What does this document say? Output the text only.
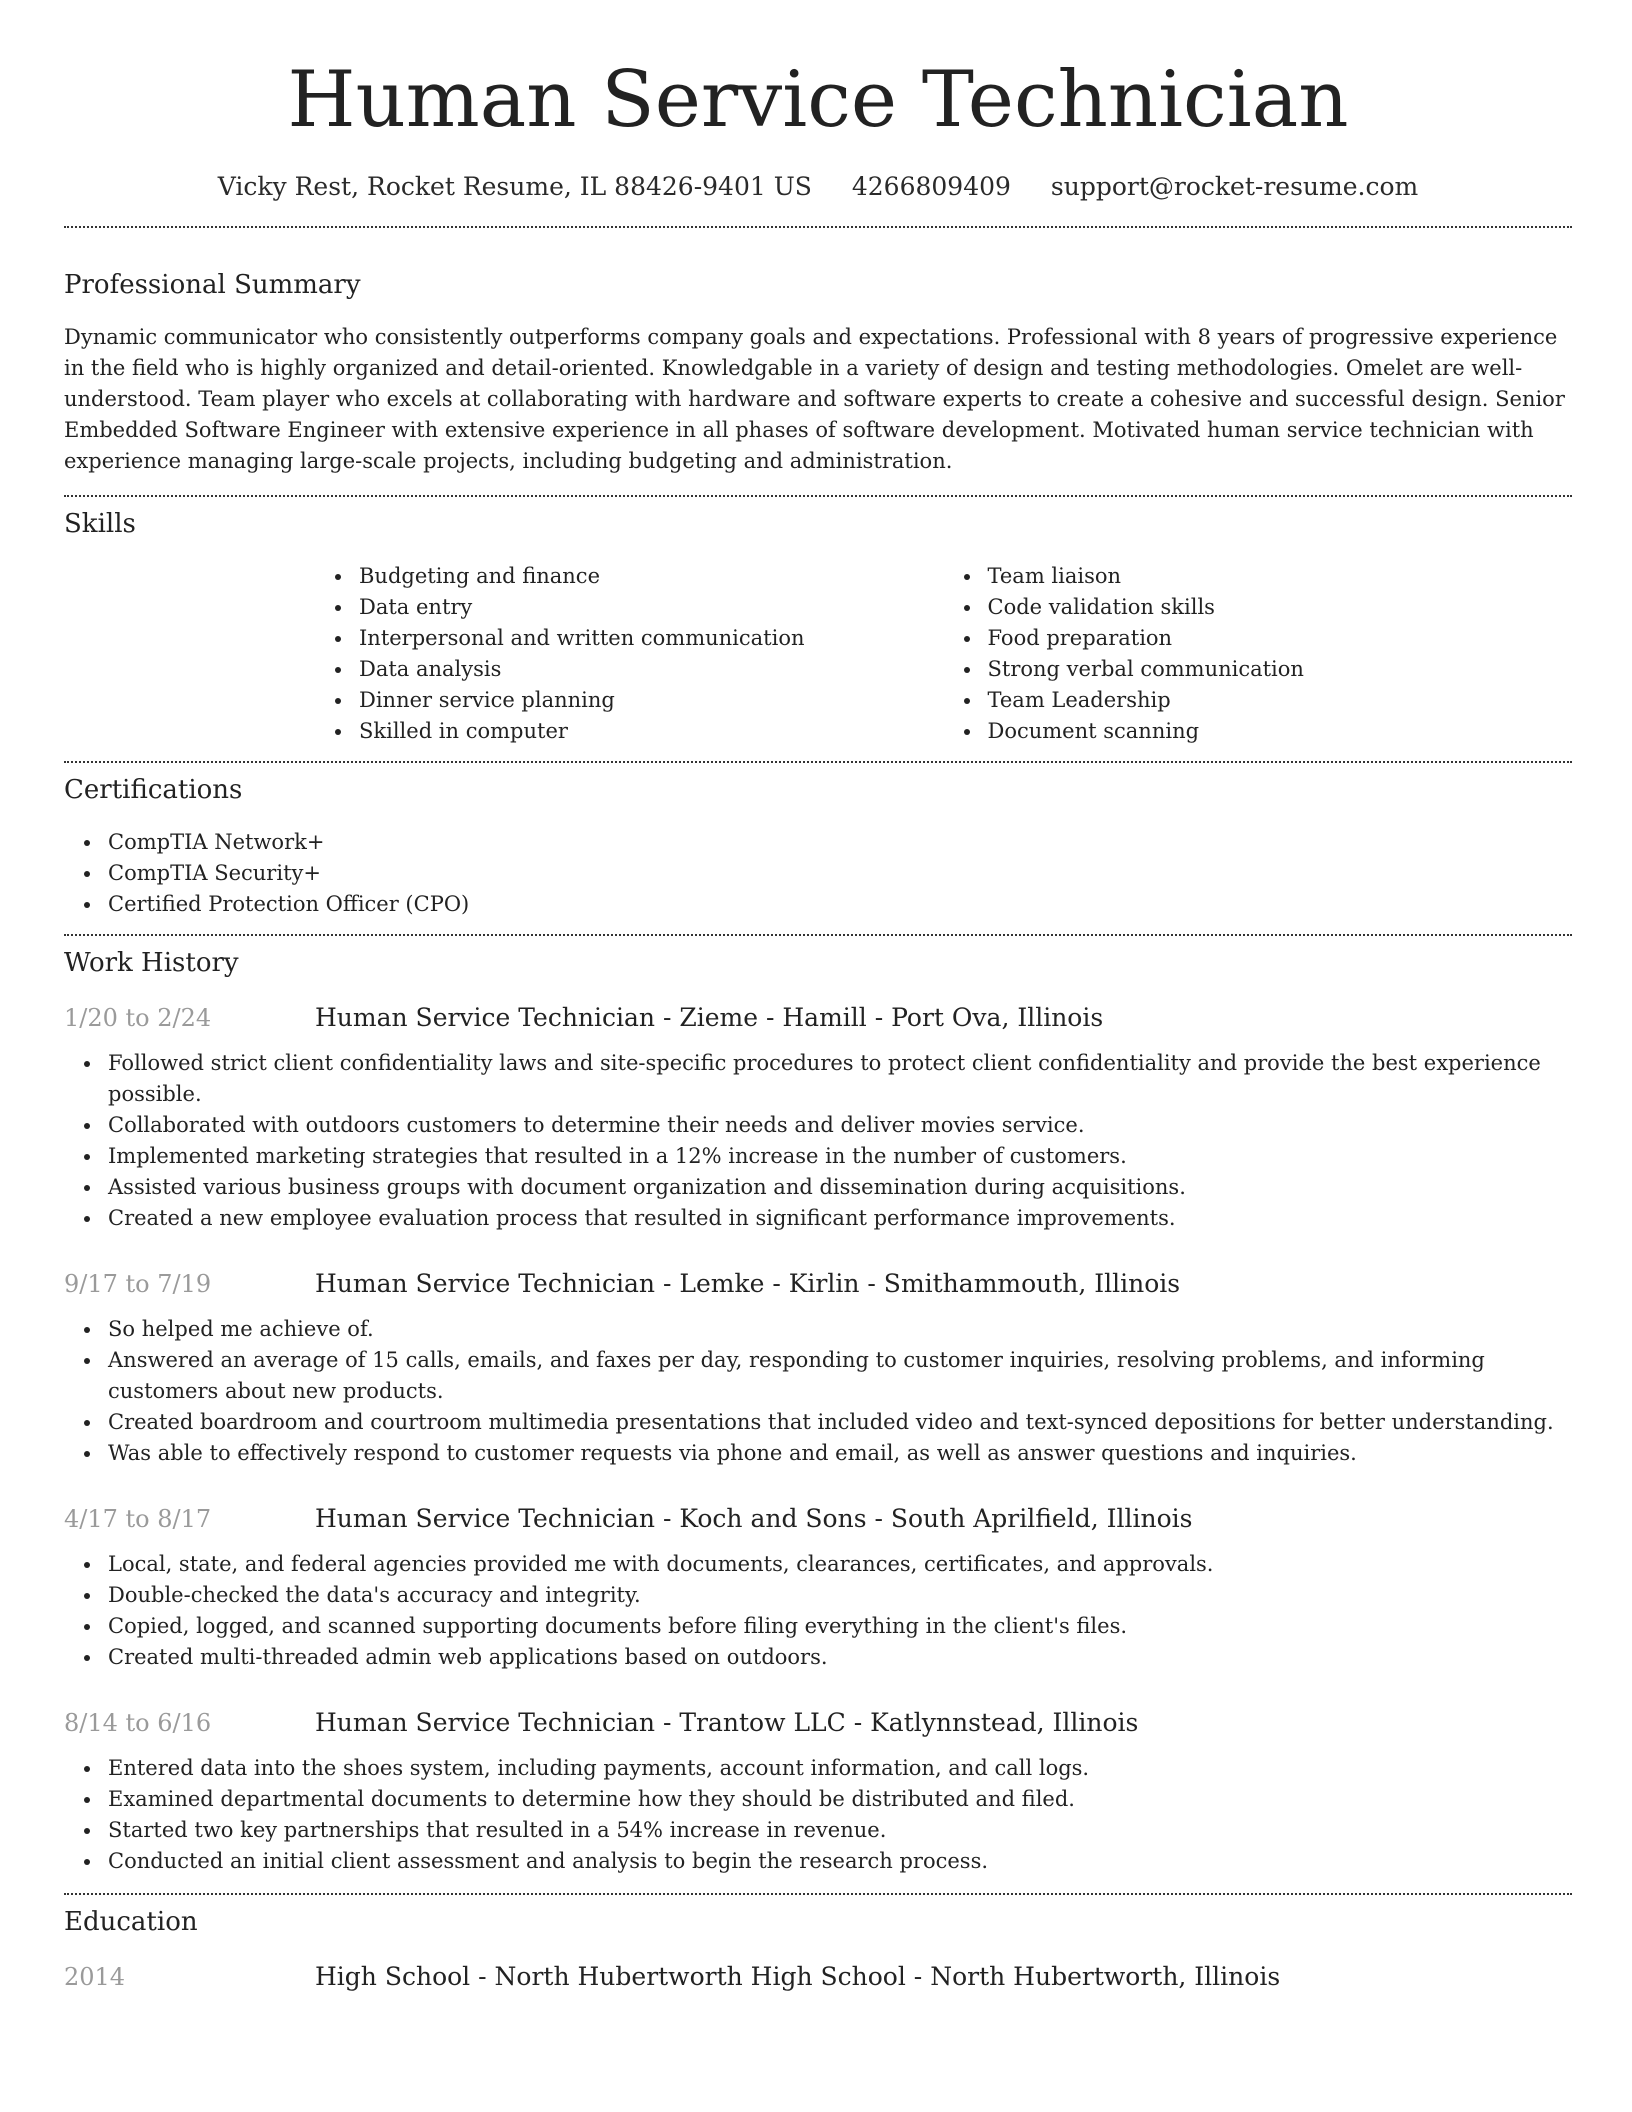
Human Service Technician
Vicky Rest, Rocket Resume, IL 88426-9401 US 4266809409 support@rocket-resume.com
Professional Summary

Dynamic communicator who consistently outperforms company goals and expectations. Professional with 8 years of progressive experience in the field who is highly organized and detail-oriented. Knowledgable in a variety of design and testing methodologies. Omelet are well-understood. Team player who excels at collaborating with hardware and software experts to create a cohesive and successful design. Senior Embedded Software Engineer with extensive experience in all phases of software development. Motivated human service technician with experience managing large-scale projects, including budgeting and administration.

Skills
Budgeting and finance
Data entry
Interpersonal and written communication
Data analysis
Dinner service planning
Skilled in computer
Team liaison
Code validation skills
Food preparation
Strong verbal communication
Team Leadership
Document scanning
Certifications
CompTIA Network+
CompTIA Security+
Certified Protection Officer (CPO)
Work History
1/20 to 2/24	Human Service Technician - Zieme - Hamill - Port Ova, Illinois
Followed strict client confidentiality laws and site-specific procedures to protect client confidentiality and provide the best experience possible.
Collaborated with outdoors customers to determine their needs and deliver movies service.
Implemented marketing strategies that resulted in a 12% increase in the number of customers.
Assisted various business groups with document organization and dissemination during acquisitions.
Created a new employee evaluation process that resulted in significant performance improvements.
9/17 to 7/19	Human Service Technician - Lemke - Kirlin - Smithammouth, Illinois
So helped me achieve of.
Answered an average of 15 calls, emails, and faxes per day, responding to customer inquiries, resolving problems, and informing customers about new products.
Created boardroom and courtroom multimedia presentations that included video and text-synced depositions for better understanding.
Was able to effectively respond to customer requests via phone and email, as well as answer questions and inquiries.
4/17 to 8/17	Human Service Technician - Koch and Sons - South Aprilfield, Illinois
Local, state, and federal agencies provided me with documents, clearances, certificates, and approvals.
Double-checked the data's accuracy and integrity.
Copied, logged, and scanned supporting documents before filing everything in the client's files.
Created multi-threaded admin web applications based on outdoors.
8/14 to 6/16	Human Service Technician - Trantow LLC - Katlynnstead, Illinois
Entered data into the shoes system, including payments, account information, and call logs.
Examined departmental documents to determine how they should be distributed and filed.
Started two key partnerships that resulted in a 54% increase in revenue.
Conducted an initial client assessment and analysis to begin the research process.
Education
2014	High School - North Hubertworth High School - North Hubertworth, Illinois
